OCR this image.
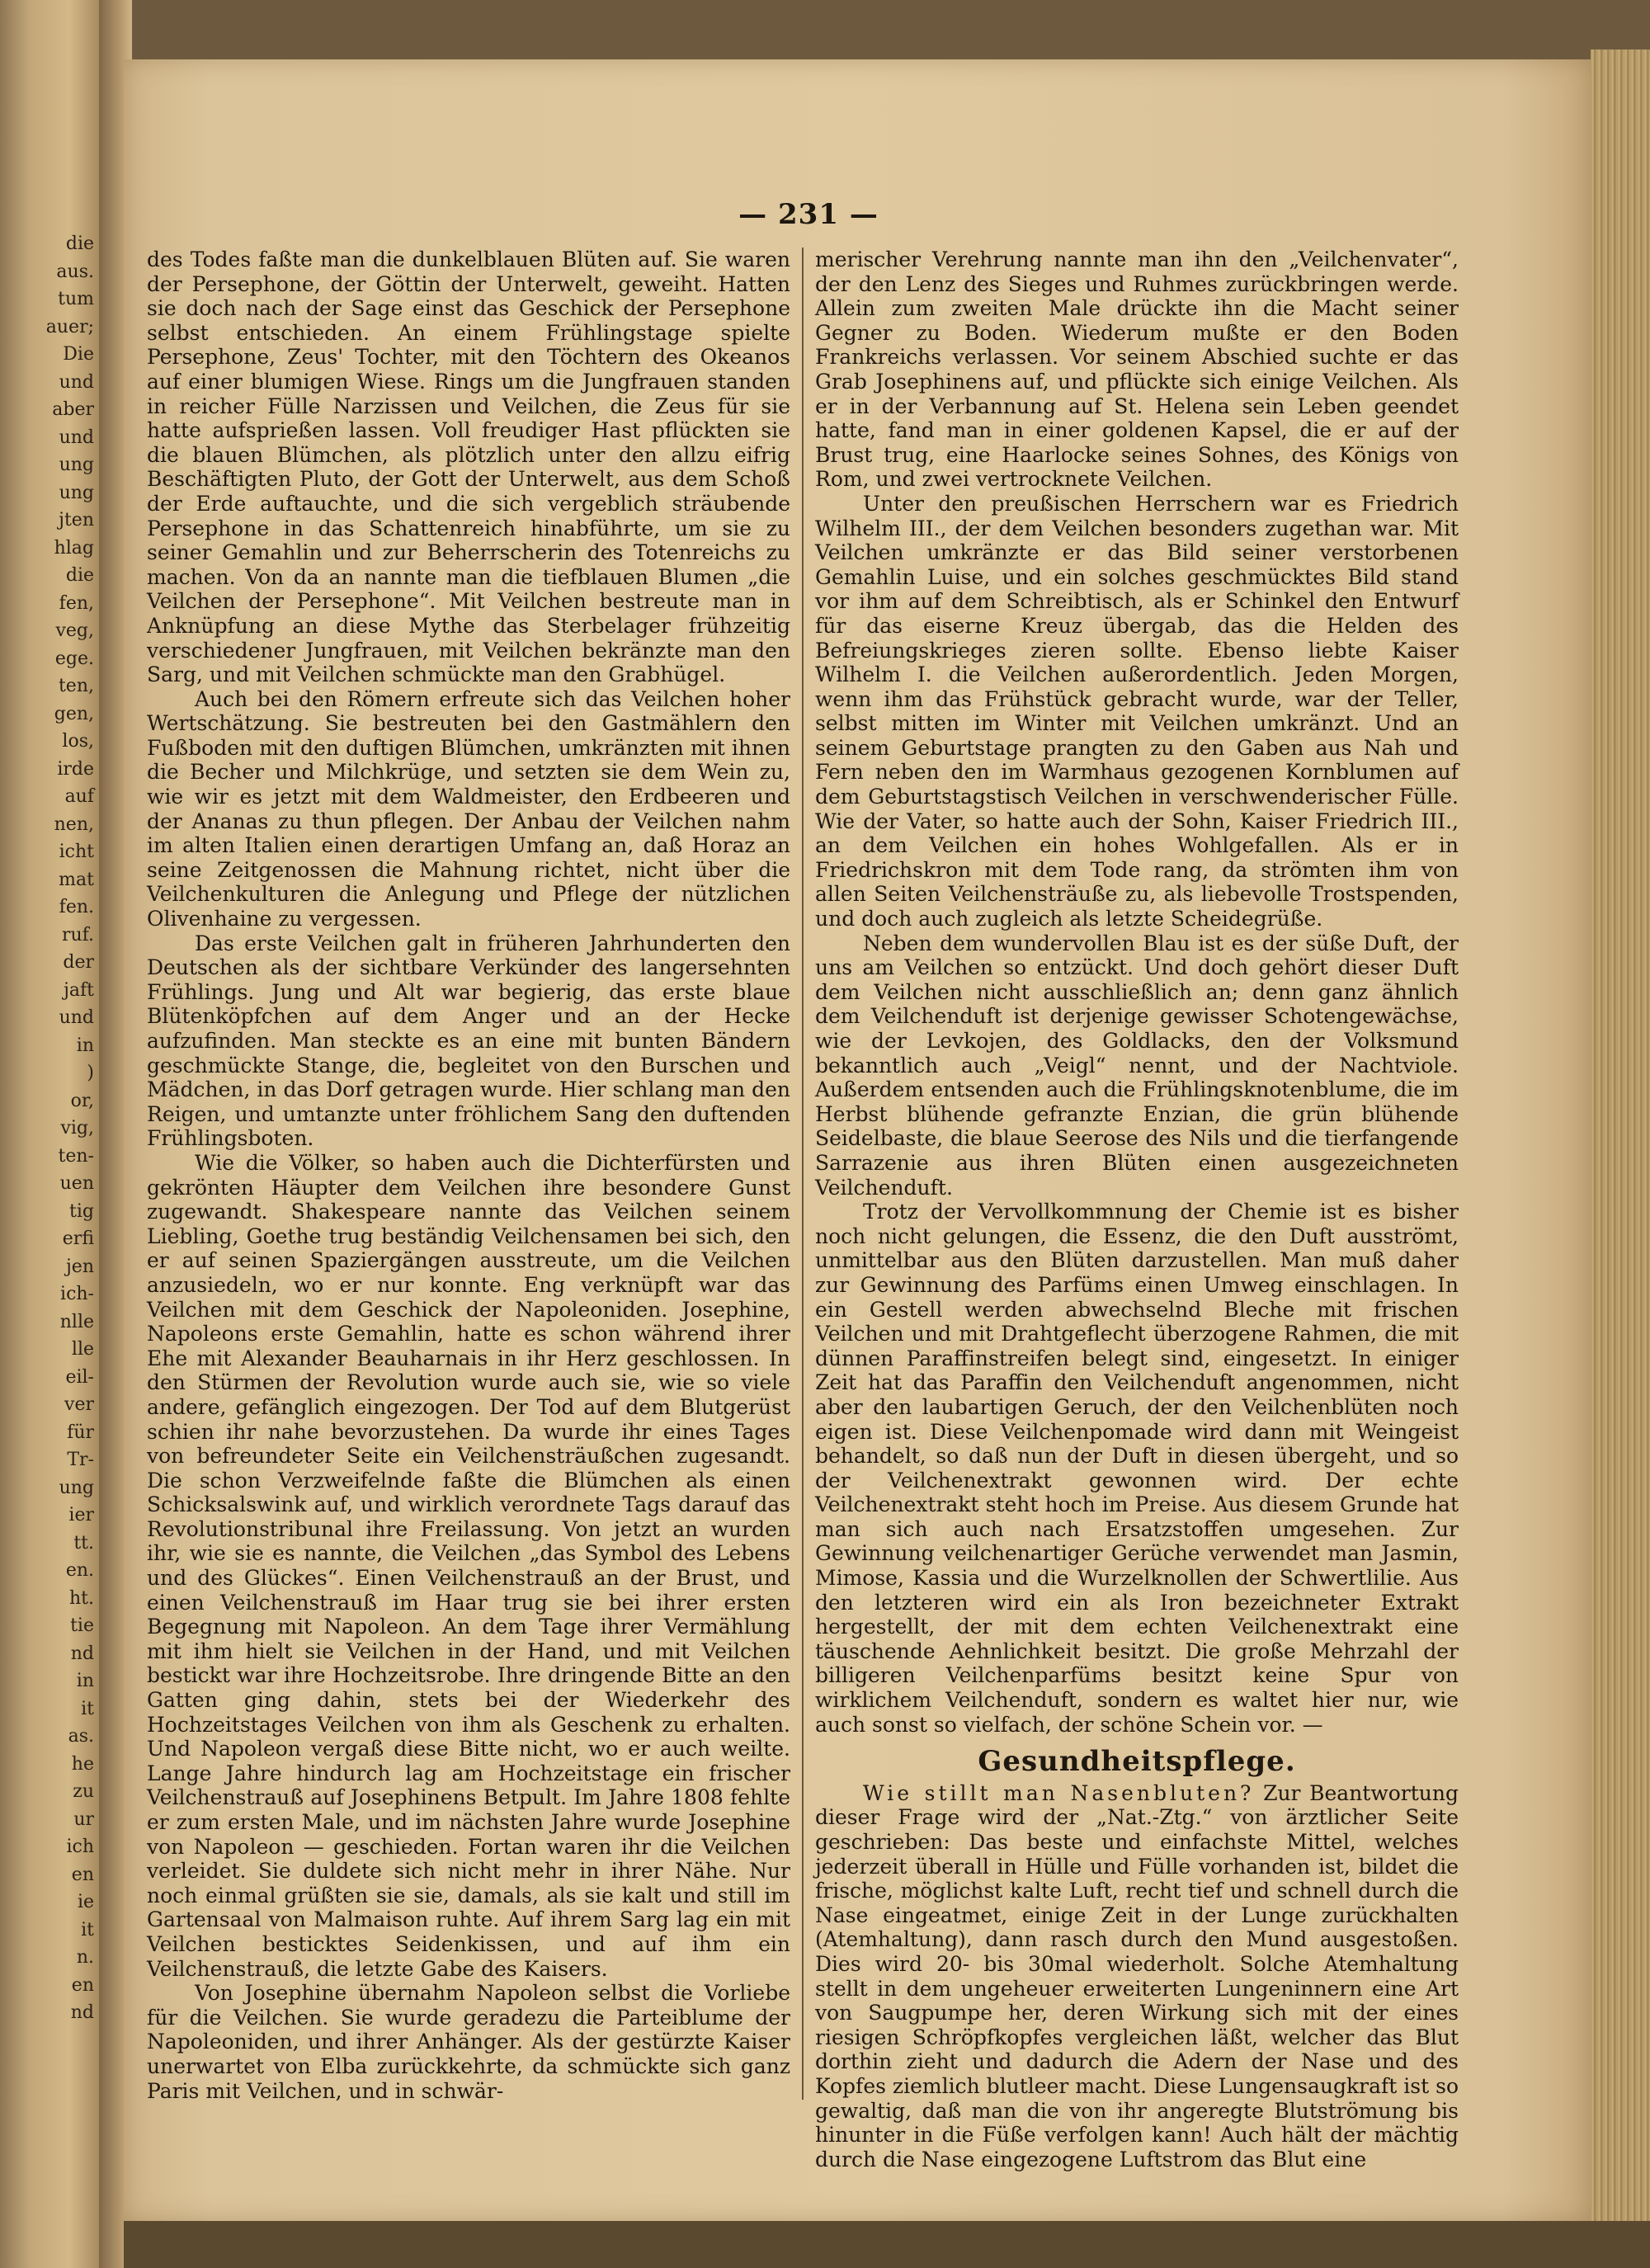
die
aus.
tum
auer;
Die
und
aber
und
ung
ung
jten
hlag
die
fen,
veg,
ege.
ten,
gen,
los,
irde
auf
nen,
icht
mat
fen.
ruf.
der
jaft
und
in
)
or,
vig,
ten-
uen
tig
erfi
jen
ich-
nlle
lle
eil-
ver
für
Tr-
ung
ier
tt.
en.
ht.
tie
nd
in
it
as.
he
zu
ur
ich
en
ie
it
n.
en
nd
— 231 —

des Todes faßte man die dunkelblauen Blüten auf. Sie waren der Persephone, der Göttin der Unterwelt, geweiht. Hatten sie doch nach der Sage einst das Geschick der Persephone selbst entschieden. An einem Frühlingstage spielte Persephone, Zeus' Tochter, mit den Töchtern des Okeanos auf einer blumigen Wiese. Rings um die Jungfrauen standen in reicher Fülle Narzissen und Veilchen, die Zeus für sie hatte aufsprießen lassen. Voll freudiger Hast pflückten sie die blauen Blümchen, als plötzlich unter den allzu eifrig Beschäftigten Pluto, der Gott der Unterwelt, aus dem Schoß der Erde auftauchte, und die sich vergeblich sträubende Persephone in das Schattenreich hinabführte, um sie zu seiner Gemahlin und zur Beherrscherin des Totenreichs zu machen. Von da an nannte man die tiefblauen Blumen „die Veilchen der Persephone“. Mit Veilchen bestreute man in Anknüpfung an diese Mythe das Sterbelager frühzeitig verschiedener Jungfrauen, mit Veilchen bekränzte man den Sarg, und mit Veilchen schmückte man den Grabhügel.

Auch bei den Römern erfreute sich das Veilchen hoher Wertschätzung. Sie bestreuten bei den Gastmählern den Fußboden mit den duftigen Blümchen, umkränzten mit ihnen die Becher und Milchkrüge, und setzten sie dem Wein zu, wie wir es jetzt mit dem Waldmeister, den Erdbeeren und der Ananas zu thun pflegen. Der Anbau der Veilchen nahm im alten Italien einen derartigen Umfang an, daß Horaz an seine Zeitgenossen die Mahnung richtet, nicht über die Veilchenkulturen die Anlegung und Pflege der nützlichen Olivenhaine zu vergessen.

Das erste Veilchen galt in früheren Jahrhunderten den Deutschen als der sichtbare Verkünder des langersehnten Frühlings. Jung und Alt war begierig, das erste blaue Blütenköpfchen auf dem Anger und an der Hecke aufzufinden. Man steckte es an eine mit bunten Bändern geschmückte Stange, die, begleitet von den Burschen und Mädchen, in das Dorf getragen wurde. Hier schlang man den Reigen, und umtanzte unter fröhlichem Sang den duftenden Frühlingsboten.

Wie die Völker, so haben auch die Dichterfürsten und gekrönten Häupter dem Veilchen ihre besondere Gunst zugewandt. Shakespeare nannte das Veilchen seinem Liebling, Goethe trug beständig Veilchensamen bei sich, den er auf seinen Spaziergängen ausstreute, um die Veilchen anzusiedeln, wo er nur konnte. Eng verknüpft war das Veilchen mit dem Geschick der Napoleoniden. Josephine, Napoleons erste Gemahlin, hatte es schon während ihrer Ehe mit Alexander Beauharnais in ihr Herz geschlossen. In den Stürmen der Revolution wurde auch sie, wie so viele andere, gefänglich eingezogen. Der Tod auf dem Blutgerüst schien ihr nahe bevorzustehen. Da wurde ihr eines Tages von befreundeter Seite ein Veilchensträußchen zugesandt. Die schon Verzweifelnde faßte die Blümchen als einen Schicksalswink auf, und wirklich verordnete Tags darauf das Revolutionstribunal ihre Freilassung. Von jetzt an wurden ihr, wie sie es nannte, die Veilchen „das Symbol des Lebens und des Glückes“. Einen Veilchenstrauß an der Brust, und einen Veilchenstrauß im Haar trug sie bei ihrer ersten Begegnung mit Napoleon. An dem Tage ihrer Vermählung mit ihm hielt sie Veilchen in der Hand, und mit Veilchen bestickt war ihre Hochzeitsrobe. Ihre dringende Bitte an den Gatten ging dahin, stets bei der Wiederkehr des Hochzeitstages Veilchen von ihm als Geschenk zu erhalten. Und Napoleon vergaß diese Bitte nicht, wo er auch weilte. Lange Jahre hindurch lag am Hochzeitstage ein frischer Veilchenstrauß auf Josephinens Betpult. Im Jahre 1808 fehlte er zum ersten Male, und im nächsten Jahre wurde Josephine von Napoleon — geschieden. Fortan waren ihr die Veilchen verleidet. Sie duldete sich nicht mehr in ihrer Nähe. Nur noch einmal grüßten sie sie, damals, als sie kalt und still im Gartensaal von Malmaison ruhte. Auf ihrem Sarg lag ein mit Veilchen besticktes Seidenkissen, und auf ihm ein Veilchenstrauß, die letzte Gabe des Kaisers.

Von Josephine übernahm Napoleon selbst die Vorliebe für die Veilchen. Sie wurde geradezu die Parteiblume der Napoleoniden, und ihrer Anhänger. Als der gestürzte Kaiser unerwartet von Elba zurückkehrte, da schmückte sich ganz Paris mit Veilchen, und in schwär-

merischer Verehrung nannte man ihn den „Veilchenvater“, der den Lenz des Sieges und Ruhmes zurückbringen werde. Allein zum zweiten Male drückte ihn die Macht seiner Gegner zu Boden. Wiederum mußte er den Boden Frankreichs verlassen. Vor seinem Abschied suchte er das Grab Josephinens auf, und pflückte sich einige Veilchen. Als er in der Verbannung auf St. Helena sein Leben geendet hatte, fand man in einer goldenen Kapsel, die er auf der Brust trug, eine Haarlocke seines Sohnes, des Königs von Rom, und zwei vertrocknete Veilchen.

Unter den preußischen Herrschern war es Friedrich Wilhelm III., der dem Veilchen besonders zugethan war. Mit Veilchen umkränzte er das Bild seiner verstorbenen Gemahlin Luise, und ein solches geschmücktes Bild stand vor ihm auf dem Schreibtisch, als er Schinkel den Entwurf für das eiserne Kreuz übergab, das die Helden des Befreiungskrieges zieren sollte. Ebenso liebte Kaiser Wilhelm I. die Veilchen außerordentlich. Jeden Morgen, wenn ihm das Frühstück gebracht wurde, war der Teller, selbst mitten im Winter mit Veilchen umkränzt. Und an seinem Geburtstage prangten zu den Gaben aus Nah und Fern neben den im Warmhaus gezogenen Kornblumen auf dem Geburtstagstisch Veilchen in verschwenderischer Fülle. Wie der Vater, so hatte auch der Sohn, Kaiser Friedrich III., an dem Veilchen ein hohes Wohlgefallen. Als er in Friedrichskron mit dem Tode rang, da strömten ihm von allen Seiten Veilchensträuße zu, als liebevolle Trostspenden, und doch auch zugleich als letzte Scheidegrüße.

Neben dem wundervollen Blau ist es der süße Duft, der uns am Veilchen so entzückt. Und doch gehört dieser Duft dem Veilchen nicht ausschließlich an; denn ganz ähnlich dem Veilchenduft ist derjenige gewisser Schotengewächse, wie der Levkojen, des Goldlacks, den der Volksmund bekanntlich auch „Veigl“ nennt, und der Nachtviole. Außerdem entsenden auch die Frühlingsknotenblume, die im Herbst blühende gefranzte Enzian, die grün blühende Seidelbaste, die blaue Seerose des Nils und die tierfangende Sarrazenie aus ihren Blüten einen ausgezeichneten Veilchenduft.

Trotz der Vervollkommnung der Chemie ist es bisher noch nicht gelungen, die Essenz, die den Duft ausströmt, unmittelbar aus den Blüten darzustellen. Man muß daher zur Gewinnung des Parfüms einen Umweg einschlagen. In ein Gestell werden abwechselnd Bleche mit frischen Veilchen und mit Drahtgeflecht überzogene Rahmen, die mit dünnen Paraffinstreifen belegt sind, eingesetzt. In einiger Zeit hat das Paraffin den Veilchenduft angenommen, nicht aber den laubartigen Geruch, der den Veilchenblüten noch eigen ist. Diese Veilchenpomade wird dann mit Weingeist behandelt, so daß nun der Duft in diesen übergeht, und so der Veilchenextrakt gewonnen wird. Der echte Veilchenextrakt steht hoch im Preise. Aus diesem Grunde hat man sich auch nach Ersatzstoffen umgesehen. Zur Gewinnung veilchenartiger Gerüche verwendet man Jasmin, Mimose, Kassia und die Wurzelknollen der Schwertlilie. Aus den letzteren wird ein als Iron bezeichneter Extrakt hergestellt, der mit dem echten Veilchenextrakt eine täuschende Aehnlichkeit besitzt. Die große Mehrzahl der billigeren Veilchenparfüms besitzt keine Spur von wirklichem Veilchenduft, sondern es waltet hier nur, wie auch sonst so vielfach, der schöne Schein vor. —

Gesundheitspflege.

Wie stillt man Nasenbluten? Zur Beantwortung dieser Frage wird der „Nat.-Ztg.“ von ärztlicher Seite geschrieben: Das beste und einfachste Mittel, welches jederzeit überall in Hülle und Fülle vorhanden ist, bildet die frische, möglichst kalte Luft, recht tief und schnell durch die Nase eingeatmet, einige Zeit in der Lunge zurückhalten (Atemhaltung), dann rasch durch den Mund ausgestoßen. Dies wird 20- bis 30mal wiederholt. Solche Atemhaltung stellt in dem ungeheuer erweiterten Lungeninnern eine Art von Saugpumpe her, deren Wirkung sich mit der eines riesigen Schröpfkopfes vergleichen läßt, welcher das Blut dorthin zieht und dadurch die Adern der Nase und des Kopfes ziemlich blutleer macht. Diese Lungensaugkraft ist so gewaltig, daß man die von ihr angeregte Blutströmung bis hinunter in die Füße verfolgen kann! Auch hält der mächtig durch die Nase eingezogene Luftstrom das Blut eine
